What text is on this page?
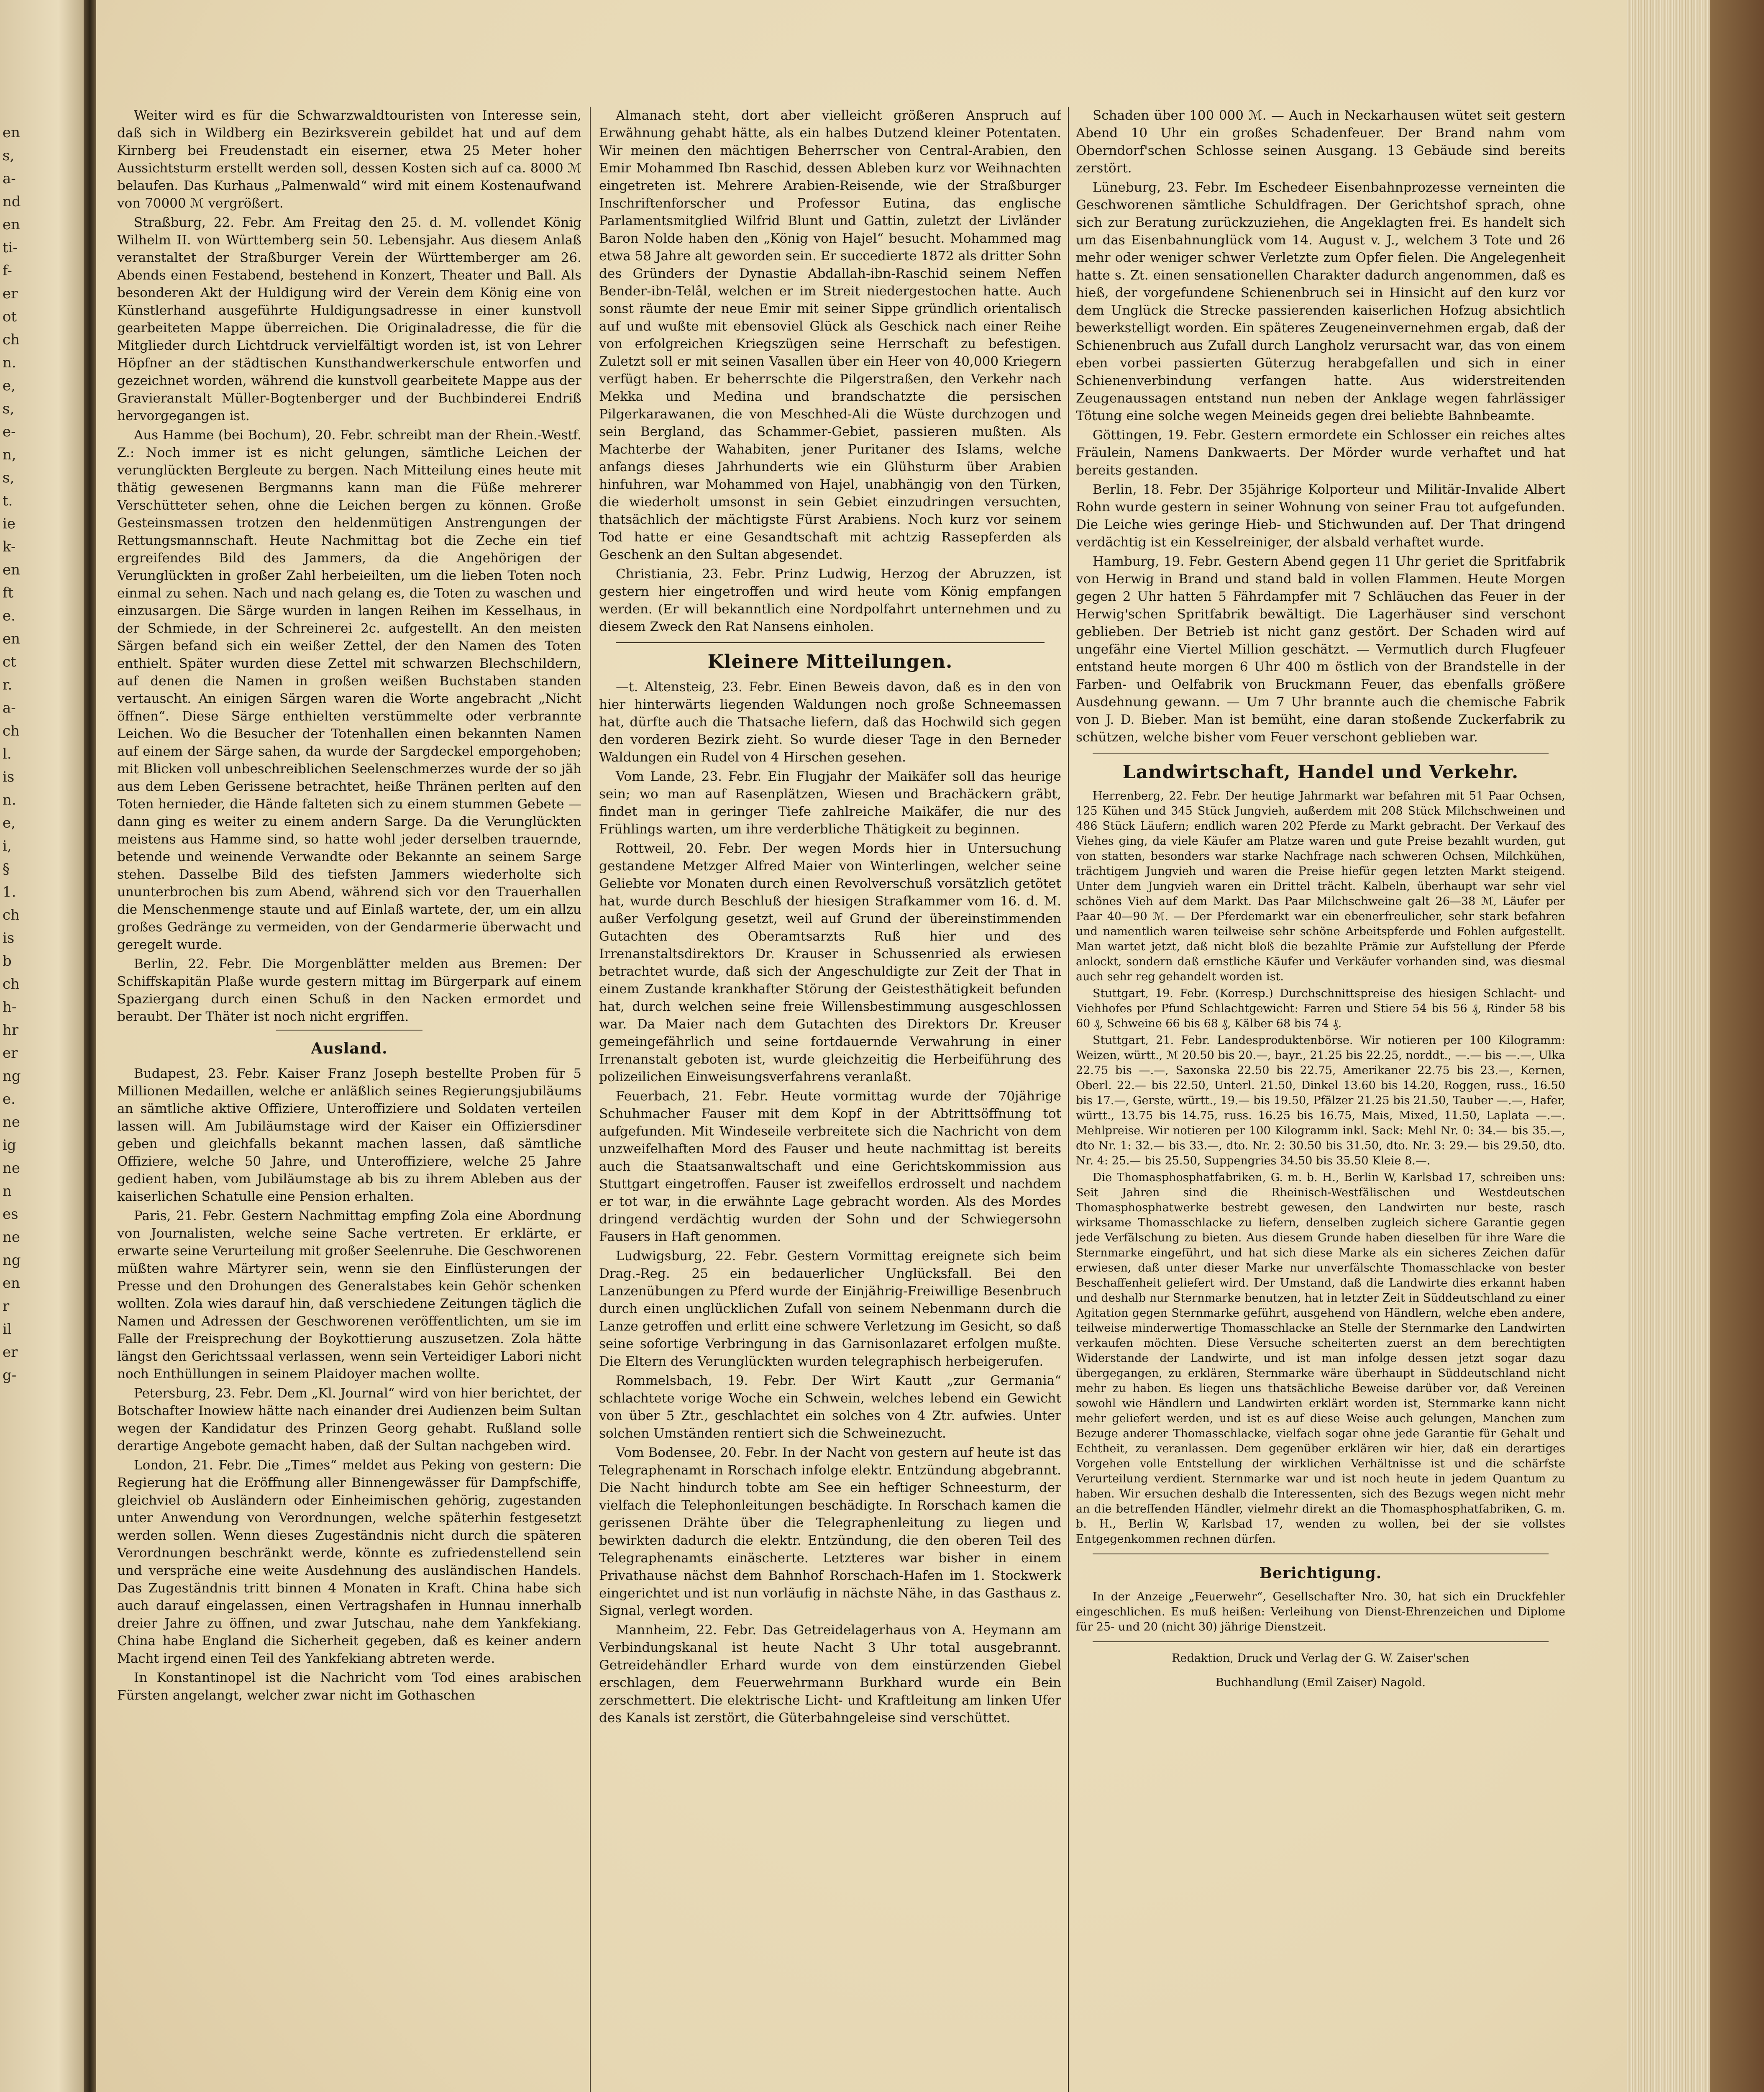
en
s,
a-
nd
en
ti-
f-
er
ot
ch
n.
e,
s,
e-
n,
s,
t.
ie
k-
en
ft
e.
en
ct
r.
a-
ch
l.
is
n.
e,
i,
§
1.
ch
is
b
ch
h-
hr
er
ng
e.
ne
ig
ne
n
es
ne
ng
en
r
il
er
g-

Weiter wird es für die Schwarzwaldtouristen von Interesse sein, daß sich in Wildberg ein Bezirksverein gebildet hat und auf dem Kirnberg bei Freudenstadt ein eiserner, etwa 25 Meter hoher Aussichtsturm erstellt werden soll, dessen Kosten sich auf ca. 8000 ℳ belaufen. Das Kurhaus „Palmenwald“ wird mit einem Kostenaufwand von 70000 ℳ vergrößert.

Straßburg, 22. Febr. Am Freitag den 25. d. M. vollendet König Wilhelm II. von Württemberg sein 50. Lebensjahr. Aus diesem Anlaß veranstaltet der Straßburger Verein der Württemberger am 26. Abends einen Festabend, bestehend in Konzert, Theater und Ball. Als besonderen Akt der Huldigung wird der Verein dem König eine von Künstlerhand ausgeführte Huldigungsadresse in einer kunstvoll gearbeiteten Mappe überreichen. Die Originaladresse, die für die Mitglieder durch Lichtdruck vervielfältigt worden ist, ist von Lehrer Höpfner an der städtischen Kunsthandwerkerschule entworfen und gezeichnet worden, während die kunstvoll gearbeitete Mappe aus der Gravieranstalt Müller-Bogtenberger und der Buchbinderei Endriß hervorgegangen ist.

Aus Hamme (bei Bochum), 20. Febr. schreibt man der Rhein.-Westf. Z.: Noch immer ist es nicht gelungen, sämtliche Leichen der verunglückten Bergleute zu bergen. Nach Mitteilung eines heute mit thätig gewesenen Bergmanns kann man die Füße mehrerer Verschütteter sehen, ohne die Leichen bergen zu können. Große Gesteinsmassen trotzen den heldenmütigen Anstrengungen der Rettungsmannschaft. Heute Nachmittag bot die Zeche ein tief ergreifendes Bild des Jammers, da die Angehörigen der Verunglückten in großer Zahl herbeieilten, um die lieben Toten noch einmal zu sehen. Nach und nach gelang es, die Toten zu waschen und einzusargen. Die Särge wurden in langen Reihen im Kesselhaus, in der Schmiede, in der Schreinerei 2c. aufgestellt. An den meisten Särgen befand sich ein weißer Zettel, der den Namen des Toten enthielt. Später wurden diese Zettel mit schwarzen Blechschildern, auf denen die Namen in großen weißen Buchstaben standen vertauscht. An einigen Särgen waren die Worte angebracht „Nicht öffnen“. Diese Särge enthielten verstümmelte oder verbrannte Leichen. Wo die Besucher der Totenhallen einen bekannten Namen auf einem der Särge sahen, da wurde der Sargdeckel emporgehoben; mit Blicken voll unbeschreiblichen Seelenschmerzes wurde der so jäh aus dem Leben Gerissene betrachtet, heiße Thränen perlten auf den Toten hernieder, die Hände falteten sich zu einem stummen Gebete — dann ging es weiter zu einem andern Sarge. Da die Verunglückten meistens aus Hamme sind, so hatte wohl jeder derselben trauernde, betende und weinende Verwandte oder Bekannte an seinem Sarge stehen. Dasselbe Bild des tiefsten Jammers wiederholte sich ununterbrochen bis zum Abend, während sich vor den Trauerhallen die Menschenmenge staute und auf Einlaß wartete, der, um ein allzu großes Gedränge zu vermeiden, von der Gendarmerie überwacht und geregelt wurde.

Berlin, 22. Febr. Die Morgenblätter melden aus Bremen: Der Schiffskapitän Plaße wurde gestern mittag im Bürgerpark auf einem Spaziergang durch einen Schuß in den Nacken ermordet und beraubt. Der Thäter ist noch nicht ergriffen.

Ausland.

Budapest, 23. Febr. Kaiser Franz Joseph bestellte Proben für 5 Millionen Medaillen, welche er anläßlich seines Regierungsjubiläums an sämtliche aktive Offiziere, Unteroffiziere und Soldaten verteilen lassen will. Am Jubiläumstage wird der Kaiser ein Offiziersdiner geben und gleichfalls bekannt machen lassen, daß sämtliche Offiziere, welche 50 Jahre, und Unteroffiziere, welche 25 Jahre gedient haben, vom Jubiläumstage ab bis zu ihrem Ableben aus der kaiserlichen Schatulle eine Pension erhalten.

Paris, 21. Febr. Gestern Nachmittag empfing Zola eine Abordnung von Journalisten, welche seine Sache vertreten. Er erklärte, er erwarte seine Verurteilung mit großer Seelenruhe. Die Geschworenen müßten wahre Märtyrer sein, wenn sie den Einflüsterungen der Presse und den Drohungen des Generalstabes kein Gehör schenken wollten. Zola wies darauf hin, daß verschiedene Zeitungen täglich die Namen und Adressen der Geschworenen veröffentlichten, um sie im Falle der Freisprechung der Boykottierung auszusetzen. Zola hätte längst den Gerichtssaal verlassen, wenn sein Verteidiger Labori nicht noch Enthüllungen in seinem Plaidoyer machen wollte.

Petersburg, 23. Febr. Dem „Kl. Journal“ wird von hier berichtet, der Botschafter Inowiew hätte nach einander drei Audienzen beim Sultan wegen der Kandidatur des Prinzen Georg gehabt. Rußland solle derartige Angebote gemacht haben, daß der Sultan nachgeben wird.

London, 21. Febr. Die „Times“ meldet aus Peking von gestern: Die Regierung hat die Eröffnung aller Binnengewässer für Dampfschiffe, gleichviel ob Ausländern oder Einheimischen gehörig, zugestanden unter Anwendung von Verordnungen, welche späterhin festgesetzt werden sollen. Wenn dieses Zugeständnis nicht durch die späteren Verordnungen beschränkt werde, könnte es zufriedenstellend sein und verspräche eine weite Ausdehnung des ausländischen Handels. Das Zugeständnis tritt binnen 4 Monaten in Kraft. China habe sich auch darauf eingelassen, einen Vertragshafen in Hunnau innerhalb dreier Jahre zu öffnen, und zwar Jutschau, nahe dem Yankfekiang. China habe England die Sicherheit gegeben, daß es keiner andern Macht irgend einen Teil des Yankfekiang abtreten werde.

In Konstantinopel ist die Nachricht vom Tod eines arabischen Fürsten angelangt, welcher zwar nicht im Gothaschen

Almanach steht, dort aber vielleicht größeren Anspruch auf Erwähnung gehabt hätte, als ein halbes Dutzend kleiner Potentaten. Wir meinen den mächtigen Beherrscher von Central-Arabien, den Emir Mohammed Ibn Raschid, dessen Ableben kurz vor Weihnachten eingetreten ist. Mehrere Arabien-Reisende, wie der Straßburger Inschriftenforscher und Professor Eutina, das englische Parlamentsmitglied Wilfrid Blunt und Gattin, zuletzt der Livländer Baron Nolde haben den „König von Hajel“ besucht. Mohammed mag etwa 58 Jahre alt geworden sein. Er succedierte 1872 als dritter Sohn des Gründers der Dynastie Abdallah-ibn-Raschid seinem Neffen Bender-ibn-Telâl, welchen er im Streit niedergestochen hatte. Auch sonst räumte der neue Emir mit seiner Sippe gründlich orientalisch auf und wußte mit ebensoviel Glück als Geschick nach einer Reihe von erfolgreichen Kriegszügen seine Herrschaft zu befestigen. Zuletzt soll er mit seinen Vasallen über ein Heer von 40,000 Kriegern verfügt haben. Er beherrschte die Pilgerstraßen, den Verkehr nach Mekka und Medina und brandschatzte die persischen Pilgerkarawanen, die von Meschhed-Ali die Wüste durchzogen und sein Bergland, das Schammer-Gebiet, passieren mußten. Als Machterbe der Wahabiten, jener Puritaner des Islams, welche anfangs dieses Jahrhunderts wie ein Glühsturm über Arabien hinfuhren, war Mohammed von Hajel, unabhängig von den Türken, die wiederholt umsonst in sein Gebiet einzudringen versuchten, thatsächlich der mächtigste Fürst Arabiens. Noch kurz vor seinem Tod hatte er eine Gesandtschaft mit achtzig Rassepferden als Geschenk an den Sultan abgesendet.

Christiania, 23. Febr. Prinz Ludwig, Herzog der Abruzzen, ist gestern hier eingetroffen und wird heute vom König empfangen werden. (Er will bekanntlich eine Nordpolfahrt unternehmen und zu diesem Zweck den Rat Nansens einholen.

Kleinere Mitteilungen.

—t. Altensteig, 23. Febr. Einen Beweis davon, daß es in den von hier hinterwärts liegenden Waldungen noch große Schneemassen hat, dürfte auch die Thatsache liefern, daß das Hochwild sich gegen den vorderen Bezirk zieht. So wurde dieser Tage in den Berneder Waldungen ein Rudel von 4 Hirschen gesehen.

Vom Lande, 23. Febr. Ein Flugjahr der Maikäfer soll das heurige sein; wo man auf Rasenplätzen, Wiesen und Brachäckern gräbt, findet man in geringer Tiefe zahlreiche Maikäfer, die nur des Frühlings warten, um ihre verderbliche Thätigkeit zu beginnen.

Rottweil, 20. Febr. Der wegen Mords hier in Untersuchung gestandene Metzger Alfred Maier von Winterlingen, welcher seine Geliebte vor Monaten durch einen Revolverschuß vorsätzlich getötet hat, wurde durch Beschluß der hiesigen Strafkammer vom 16. d. M. außer Verfolgung gesetzt, weil auf Grund der übereinstimmenden Gutachten des Oberamtsarzts Ruß hier und des Irrenanstaltsdirektors Dr. Krauser in Schussenried als erwiesen betrachtet wurde, daß sich der Angeschuldigte zur Zeit der That in einem Zustande krankhafter Störung der Geistesthätigkeit befunden hat, durch welchen seine freie Willensbestimmung ausgeschlossen war. Da Maier nach dem Gutachten des Direktors Dr. Kreuser gemeingefährlich und seine fortdauernde Verwahrung in einer Irrenanstalt geboten ist, wurde gleichzeitig die Herbeiführung des polizeilichen Einweisungsverfahrens veranlaßt.

Feuerbach, 21. Febr. Heute vormittag wurde der 70jährige Schuhmacher Fauser mit dem Kopf in der Abtrittsöffnung tot aufgefunden. Mit Windeseile verbreitete sich die Nachricht von dem unzweifelhaften Mord des Fauser und heute nachmittag ist bereits auch die Staatsanwaltschaft und eine Gerichtskommission aus Stuttgart eingetroffen. Fauser ist zweifellos erdrosselt und nachdem er tot war, in die erwähnte Lage gebracht worden. Als des Mordes dringend verdächtig wurden der Sohn und der Schwiegersohn Fausers in Haft genommen.

Ludwigsburg, 22. Febr. Gestern Vormittag ereignete sich beim Drag.-Reg. 25 ein bedauerlicher Unglücksfall. Bei den Lanzenübungen zu Pferd wurde der Einjährig-Freiwillige Besenbruch durch einen unglücklichen Zufall von seinem Nebenmann durch die Lanze getroffen und erlitt eine schwere Verletzung im Gesicht, so daß seine sofortige Verbringung in das Garnisonlazaret erfolgen mußte. Die Eltern des Verunglückten wurden telegraphisch herbeigerufen.

Rommelsbach, 19. Febr. Der Wirt Kautt „zur Germania“ schlachtete vorige Woche ein Schwein, welches lebend ein Gewicht von über 5 Ztr., geschlachtet ein solches von 4 Ztr. aufwies. Unter solchen Umständen rentiert sich die Schweinezucht.

Vom Bodensee, 20. Febr. In der Nacht von gestern auf heute ist das Telegraphenamt in Rorschach infolge elektr. Entzündung abgebrannt. Die Nacht hindurch tobte am See ein heftiger Schneesturm, der vielfach die Telephonleitungen beschädigte. In Rorschach kamen die gerissenen Drähte über die Telegraphenleitung zu liegen und bewirkten dadurch die elektr. Entzündung, die den oberen Teil des Telegraphenamts einäscherte. Letzteres war bisher in einem Privathause nächst dem Bahnhof Rorschach-Hafen im 1. Stockwerk eingerichtet und ist nun vorläufig in nächste Nähe, in das Gasthaus z. Signal, verlegt worden.

Mannheim, 22. Febr. Das Getreidelagerhaus von A. Heymann am Verbindungskanal ist heute Nacht 3 Uhr total ausgebrannt. Getreidehändler Erhard wurde von dem einstürzenden Giebel erschlagen, dem Feuerwehrmann Burkhard wurde ein Bein zerschmettert. Die elektrische Licht- und Kraftleitung am linken Ufer des Kanals ist zerstört, die Güterbahngeleise sind verschüttet.

Schaden über 100 000 ℳ. — Auch in Neckarhausen wütet seit gestern Abend 10 Uhr ein großes Schadenfeuer. Der Brand nahm vom Oberndorf'schen Schlosse seinen Ausgang. 13 Gebäude sind bereits zerstört.

Lüneburg, 23. Febr. Im Eschedeer Eisenbahnprozesse verneinten die Geschworenen sämtliche Schuldfragen. Der Gerichtshof sprach, ohne sich zur Beratung zurückzuziehen, die Angeklagten frei. Es handelt sich um das Eisenbahnunglück vom 14. August v. J., welchem 3 Tote und 26 mehr oder weniger schwer Verletzte zum Opfer fielen. Die Angelegenheit hatte s. Zt. einen sensationellen Charakter dadurch angenommen, daß es hieß, der vorgefundene Schienenbruch sei in Hinsicht auf den kurz vor dem Unglück die Strecke passierenden kaiserlichen Hofzug absichtlich bewerkstelligt worden. Ein späteres Zeugeneinvernehmen ergab, daß der Schienenbruch aus Zufall durch Langholz verursacht war, das von einem eben vorbei passierten Güterzug herabgefallen und sich in einer Schienenverbindung verfangen hatte. Aus widerstreitenden Zeugenaussagen entstand nun neben der Anklage wegen fahrlässiger Tötung eine solche wegen Meineids gegen drei beliebte Bahnbeamte.

Göttingen, 19. Febr. Gestern ermordete ein Schlosser ein reiches altes Fräulein, Namens Dankwaerts. Der Mörder wurde verhaftet und hat bereits gestanden.

Berlin, 18. Febr. Der 35jährige Kolporteur und Militär-Invalide Albert Rohn wurde gestern in seiner Wohnung von seiner Frau tot aufgefunden. Die Leiche wies geringe Hieb- und Stichwunden auf. Der That dringend verdächtig ist ein Kesselreiniger, der alsbald verhaftet wurde.

Hamburg, 19. Febr. Gestern Abend gegen 11 Uhr geriet die Spritfabrik von Herwig in Brand und stand bald in vollen Flammen. Heute Morgen gegen 2 Uhr hatten 5 Fährdampfer mit 7 Schläuchen das Feuer in der Herwig'schen Spritfabrik bewältigt. Die Lagerhäuser sind verschont geblieben. Der Betrieb ist nicht ganz gestört. Der Schaden wird auf ungefähr eine Viertel Million geschätzt. — Vermutlich durch Flugfeuer entstand heute morgen 6 Uhr 400 m östlich von der Brandstelle in der Farben- und Oelfabrik von Bruckmann Feuer, das ebenfalls größere Ausdehnung gewann. — Um 7 Uhr brannte auch die chemische Fabrik von J. D. Bieber. Man ist bemüht, eine daran stoßende Zuckerfabrik zu schützen, welche bisher vom Feuer verschont geblieben war.

Landwirtschaft, Handel und Verkehr.

Herrenberg, 22. Febr. Der heutige Jahrmarkt war befahren mit 51 Paar Ochsen, 125 Kühen und 345 Stück Jungvieh, außerdem mit 208 Stück Milchschweinen und 486 Stück Läufern; endlich waren 202 Pferde zu Markt gebracht. Der Verkauf des Viehes ging, da viele Käufer am Platze waren und gute Preise bezahlt wurden, gut von statten, besonders war starke Nachfrage nach schweren Ochsen, Milchkühen, trächtigem Jungvieh und waren die Preise hiefür gegen letzten Markt steigend. Unter dem Jungvieh waren ein Drittel trächt. Kalbeln, überhaupt war sehr viel schönes Vieh auf dem Markt. Das Paar Milchschweine galt 26—38 ℳ, Läufer per Paar 40—90 ℳ. — Der Pferdemarkt war ein ebenerfreulicher, sehr stark befahren und namentlich waren teilweise sehr schöne Arbeitspferde und Fohlen aufgestellt. Man wartet jetzt, daß nicht bloß die bezahlte Prämie zur Aufstellung der Pferde anlockt, sondern daß ernstliche Käufer und Verkäufer vorhanden sind, was diesmal auch sehr reg gehandelt worden ist.

Stuttgart, 19. Febr. (Korresp.) Durchschnittspreise des hiesigen Schlacht- und Viehhofes per Pfund Schlachtgewicht: Farren und Stiere 54 bis 56 ₰, Rinder 58 bis 60 ₰, Schweine 66 bis 68 ₰, Kälber 68 bis 74 ₰.

Stuttgart, 21. Febr. Landesproduktenbörse. Wir notieren per 100 Kilogramm: Weizen, württ., ℳ 20.50 bis 20.—, bayr., 21.25 bis 22.25, norddt., —.— bis —.—, Ulka 22.75 bis —.—, Saxonska 22.50 bis 22.75, Amerikaner 22.75 bis 23.—, Kernen, Oberl. 22.— bis 22.50, Unterl. 21.50, Dinkel 13.60 bis 14.20, Roggen, russ., 16.50 bis 17.—, Gerste, württ., 19.— bis 19.50, Pfälzer 21.25 bis 21.50, Tauber —.—, Hafer, württ., 13.75 bis 14.75, russ. 16.25 bis 16.75, Mais, Mixed, 11.50, Laplata —.—. Mehlpreise. Wir notieren per 100 Kilogramm inkl. Sack: Mehl Nr. 0: 34.— bis 35.—, dto Nr. 1: 32.— bis 33.—, dto. Nr. 2: 30.50 bis 31.50, dto. Nr. 3: 29.— bis 29.50, dto. Nr. 4: 25.— bis 25.50, Suppengries 34.50 bis 35.50 Kleie 8.—.

Die Thomasphosphatfabriken, G. m. b. H., Berlin W, Karlsbad 17, schreiben uns: Seit Jahren sind die Rheinisch-Westfälischen und Westdeutschen Thomasphosphatwerke bestrebt gewesen, den Landwirten nur beste, rasch wirksame Thomasschlacke zu liefern, denselben zugleich sichere Garantie gegen jede Verfälschung zu bieten. Aus diesem Grunde haben dieselben für ihre Ware die Sternmarke eingeführt, und hat sich diese Marke als ein sicheres Zeichen dafür erwiesen, daß unter dieser Marke nur unverfälschte Thomasschlacke von bester Beschaffenheit geliefert wird. Der Umstand, daß die Landwirte dies erkannt haben und deshalb nur Sternmarke benutzen, hat in letzter Zeit in Süddeutschland zu einer Agitation gegen Sternmarke geführt, ausgehend von Händlern, welche eben andere, teilweise minderwertige Thomasschlacke an Stelle der Sternmarke den Landwirten verkaufen möchten. Diese Versuche scheiterten zuerst an dem berechtigten Widerstande der Landwirte, und ist man infolge dessen jetzt sogar dazu übergegangen, zu erklären, Sternmarke wäre überhaupt in Süddeutschland nicht mehr zu haben. Es liegen uns thatsächliche Beweise darüber vor, daß Vereinen sowohl wie Händlern und Landwirten erklärt worden ist, Sternmarke kann nicht mehr geliefert werden, und ist es auf diese Weise auch gelungen, Manchen zum Bezuge anderer Thomasschlacke, vielfach sogar ohne jede Garantie für Gehalt und Echtheit, zu veranlassen. Dem gegenüber erklären wir hier, daß ein derartiges Vorgehen volle Entstellung der wirklichen Verhältnisse ist und die schärfste Verurteilung verdient. Sternmarke war und ist noch heute in jedem Quantum zu haben. Wir ersuchen deshalb die Interessenten, sich des Bezugs wegen nicht mehr an die betreffenden Händler, vielmehr direkt an die Thomasphosphatfabriken, G. m. b. H., Berlin W, Karlsbad 17, wenden zu wollen, bei der sie vollstes Entgegenkommen rechnen dürfen.

Berichtigung.

In der Anzeige „Feuerwehr“, Gesellschafter Nro. 30, hat sich ein Druckfehler eingeschlichen. Es muß heißen: Verleihung von Dienst-Ehrenzeichen und Diplome für 25- und 20 (nicht 30) jährige Dienstzeit.

Redaktion, Druck und Verlag der G. W. Zaiser'schen

Buchhandlung (Emil Zaiser) Nagold.
